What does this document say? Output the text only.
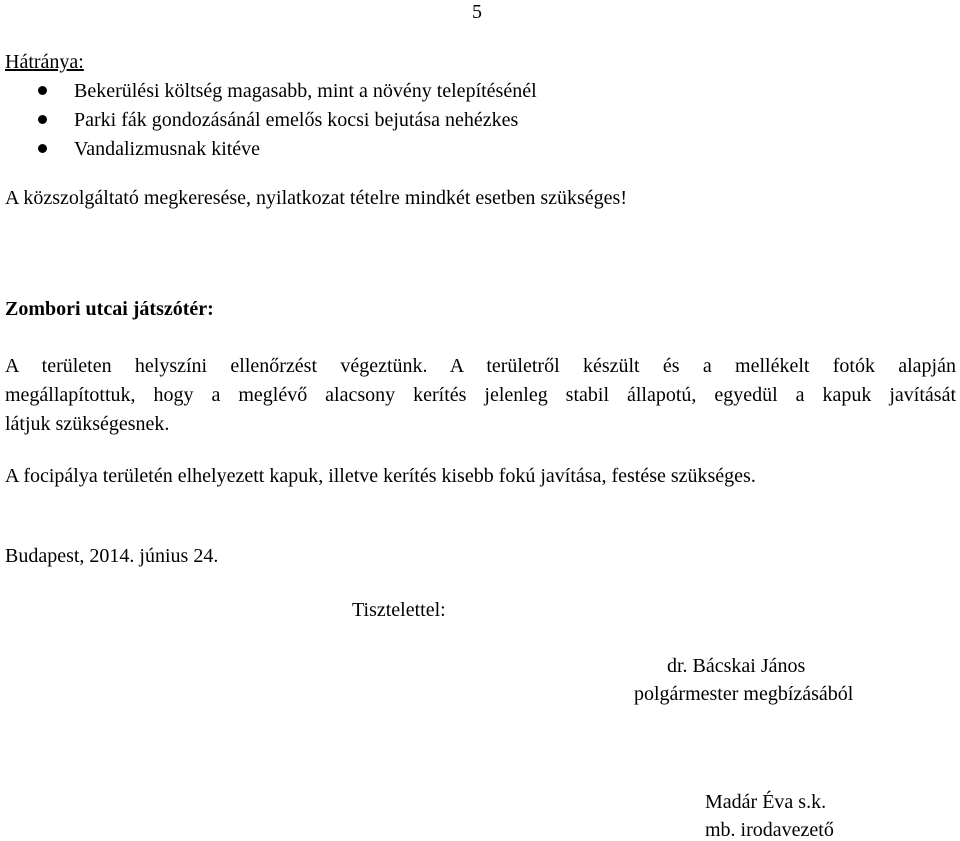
5
Hátránya:
Bekerülési költség magasabb, mint a növény telepítésénél
Parki fák gondozásánál emelős kocsi bejutása nehézkes
Vandalizmusnak kitéve
A közszolgáltató megkeresése, nyilatkozat tételre mindkét esetben szükséges!
Zombori utcai játszótér:

A területen helyszíni ellenőrzést végeztünk. A területről készült és a mellékelt fotók alapján

megállapítottuk, hogy a meglévő alacsony kerítés jelenleg stabil állapotú, egyedül a kapuk javítását

látjuk szükségesnek.

A focipálya területén elhelyezett kapuk, illetve kerítés kisebb fokú javítása, festése szükséges.
Budapest, 2014. június 24.
Tisztelettel:
dr. Bácskai János
polgármester megbízásából
Madár Éva s.k.
mb. irodavezető
